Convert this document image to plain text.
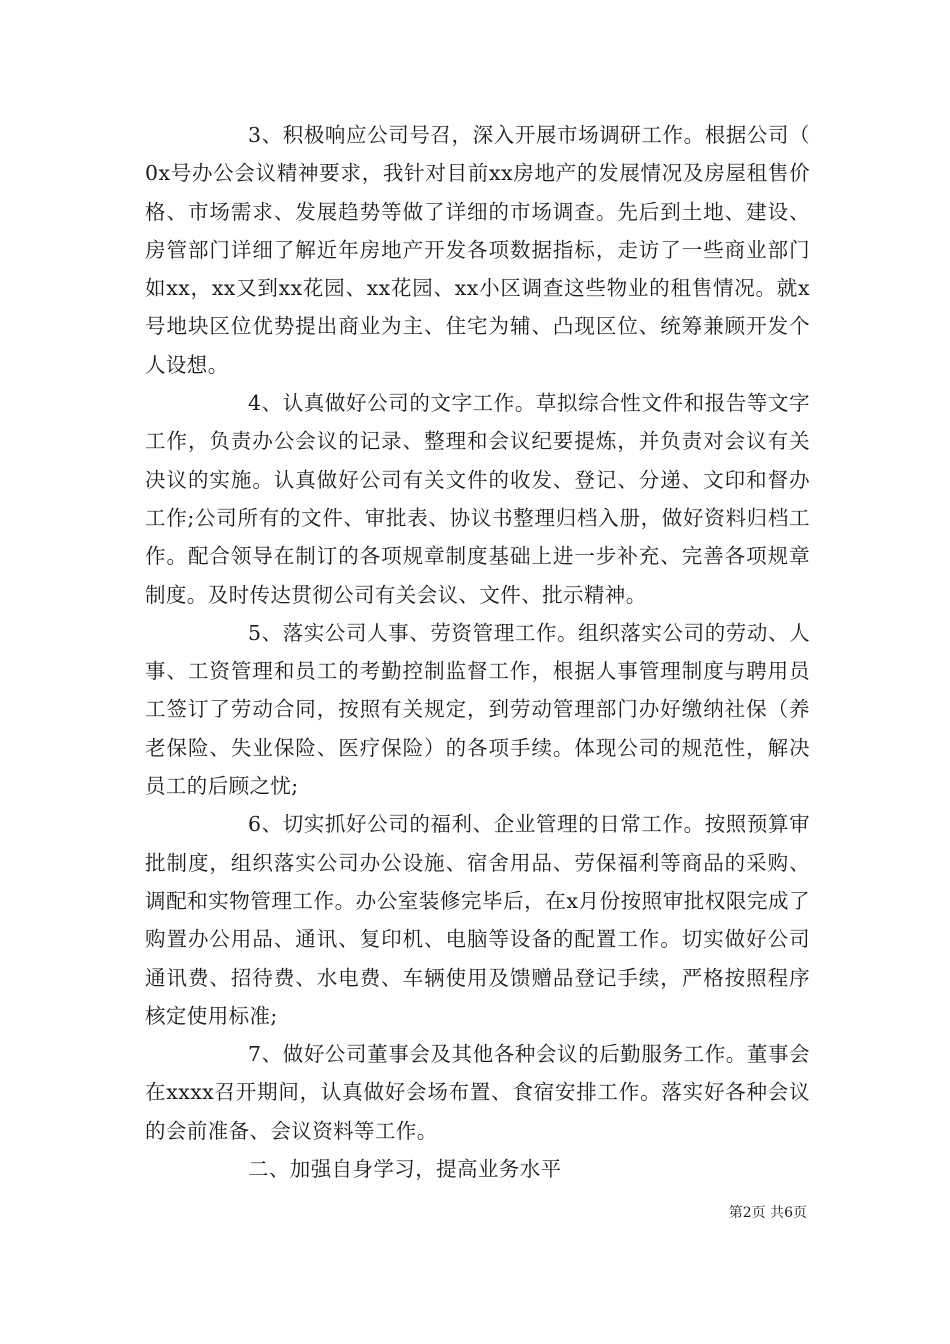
3、积极响应公司号召，深入开展市场调研工作。根据公司（0x号办公会议精神要求，我针对目前xx房地产的发展情况及房屋租售价格、市场需求、发展趋势等做了详细的市场调查。先后到土地、建设、房管部门详细了解近年房地产开发各项数据指标，走访了一些商业部门如xx，xx又到xx花园、xx花园、xx小区调查这些物业的租售情况。就x号地块区位优势提出商业为主、住宅为辅、凸现区位、统筹兼顾开发个人设想。

4、认真做好公司的文字工作。草拟综合性文件和报告等文字工作，负责办公会议的记录、整理和会议纪要提炼，并负责对会议有关决议的实施。认真做好公司有关文件的收发、登记、分递、文印和督办工作;公司所有的文件、审批表、协议书整理归档入册，做好资料归档工作。配合领导在制订的各项规章制度基础上进一步补充、完善各项规章制度。及时传达贯彻公司有关会议、文件、批示精神。

5、落实公司人事、劳资管理工作。组织落实公司的劳动、人事、工资管理和员工的考勤控制监督工作，根据人事管理制度与聘用员工签订了劳动合同，按照有关规定，到劳动管理部门办好缴纳社保（养老保险、失业保险、医疗保险）的各项手续。体现公司的规范性，解决员工的后顾之忧;

6、切实抓好公司的福利、企业管理的日常工作。按照预算审批制度，组织落实公司办公设施、宿舍用品、劳保福利等商品的采购、调配和实物管理工作。办公室装修完毕后，在x月份按照审批权限完成了购置办公用品、通讯、复印机、电脑等设备的配置工作。切实做好公司通讯费、招待费、水电费、车辆使用及馈赠品登记手续，严格按照程序核定使用标准;

7、做好公司董事会及其他各种会议的后勤服务工作。董事会在xxxx召开期间，认真做好会场布置、食宿安排工作。落实好各种会议的会前准备、会议资料等工作。

二、加强自身学习，提高业务水平

第2页 共6页
